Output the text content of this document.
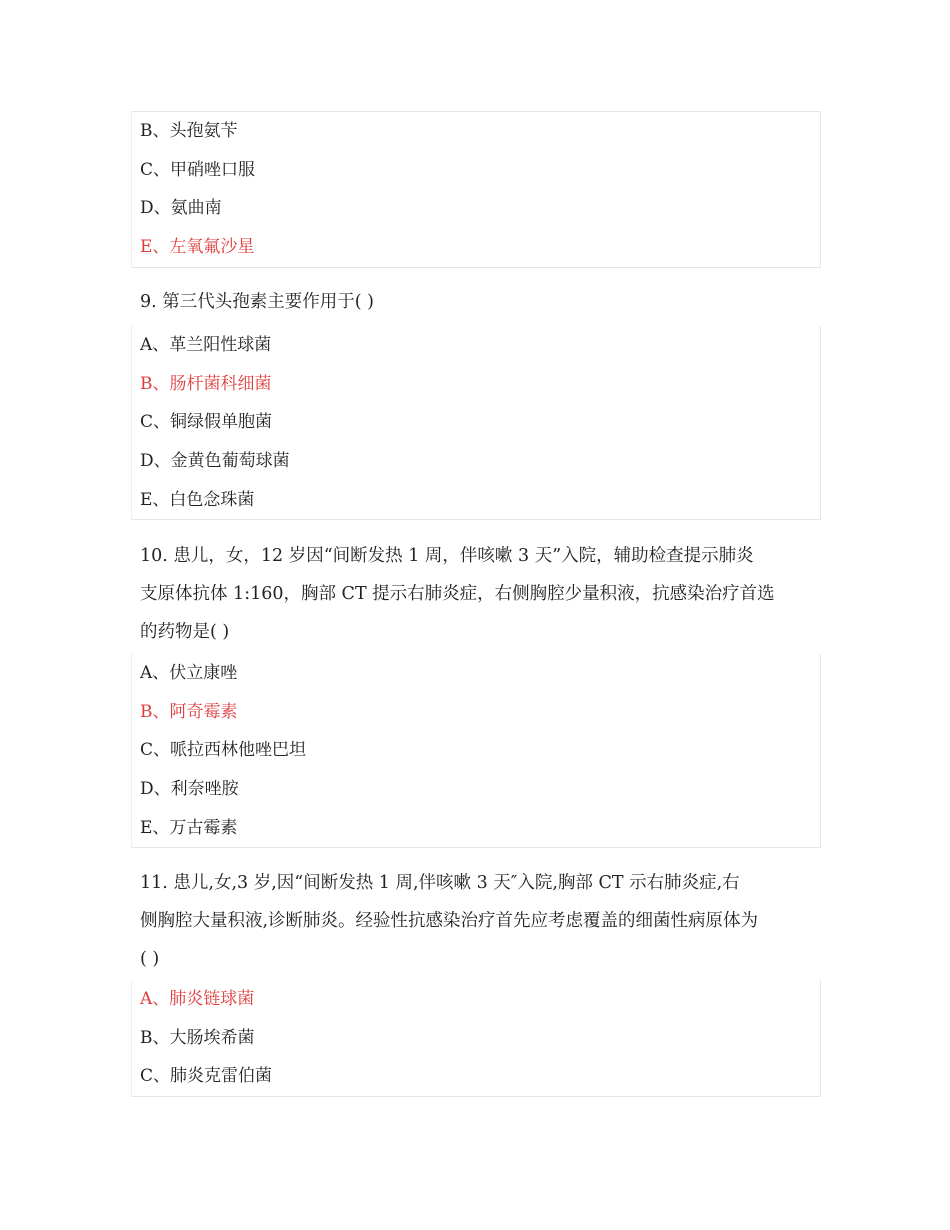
B、头孢氨苄
C、甲硝唑口服
D、氨曲南
E、左氧氟沙星
9. 第三代头孢素主要作用于( )
A、革兰阳性球菌
B、肠杆菌科细菌
C、铜绿假单胞菌
D、金黄色葡萄球菌
E、白色念珠菌
10. 患儿，女，12 岁因“间断发热 1 周，伴咳嗽 3 天”入院，辅助检查提示肺炎
支原体抗体 1:160，胸部 CT 提示右肺炎症，右侧胸腔少量积液，抗感染治疗首选
的药物是( )
A、伏立康唑
B、阿奇霉素
C、哌拉西林他唑巴坦
D、利奈唑胺
E、万古霉素
11. 患儿,女,3 岁,因“间断发热 1 周,伴咳嗽 3 天″入院,胸部 CT 示右肺炎症,右
侧胸腔大量积液,诊断肺炎。经验性抗感染治疗首先应考虑覆盖的细菌性病原体为
( )
A、肺炎链球菌
B、大肠埃希菌
C、肺炎克雷伯菌
